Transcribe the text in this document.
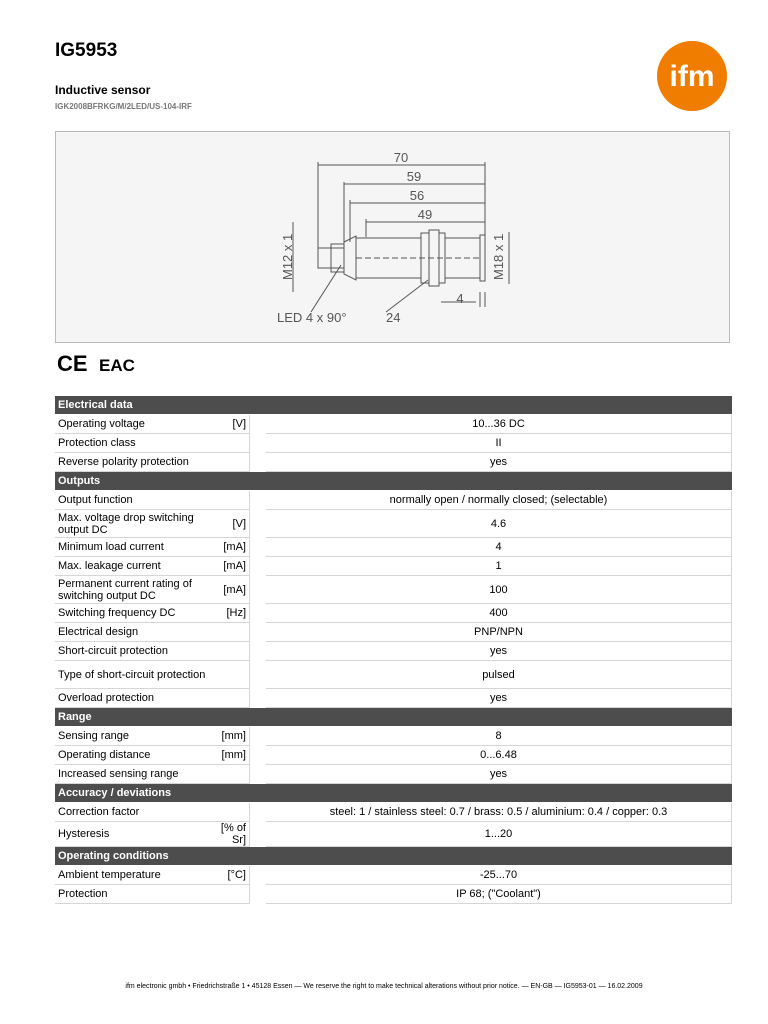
IG5953
Inductive sensor
IGK2008BFRKG/M/2LED/US-104-IRF
ifm
70
59
56
49
4
LED 4 x 90°	24
M12 x 1	M18 x 1
CE EAC
Electrical data			
Operating voltage	[V]		10...36 DC
Protection class			II
Reverse polarity protection			yes
Outputs			
Output function			normally open / normally closed; (selectable)
Max. voltage drop switching output DC	[V]		4.6
Minimum load current	[mA]		4
Max. leakage current	[mA]		1
Permanent current rating of switching output DC	[mA]		100
Switching frequency DC	[Hz]		400
Electrical design			PNP/NPN
Short-circuit protection			yes
Type of short-circuit protection			pulsed
Overload protection			yes
Range			
Sensing range	[mm]		8
Operating distance	[mm]		0...6.48
Increased sensing range			yes
Accuracy / deviations			
Correction factor			steel: 1 / stainless steel: 0.7 / brass: 0.5 / aluminium: 0.4 / copper: 0.3
Hysteresis	[% of Sr]		1...20
Operating conditions			
Ambient temperature	[°C]		-25...70
Protection			IP 68; ("Coolant")
ifm electronic gmbh • Friedrichstraße 1 • 45128 Essen — We reserve the right to make technical alterations without prior notice. — EN-GB — IG5953-01 — 16.02.2009
